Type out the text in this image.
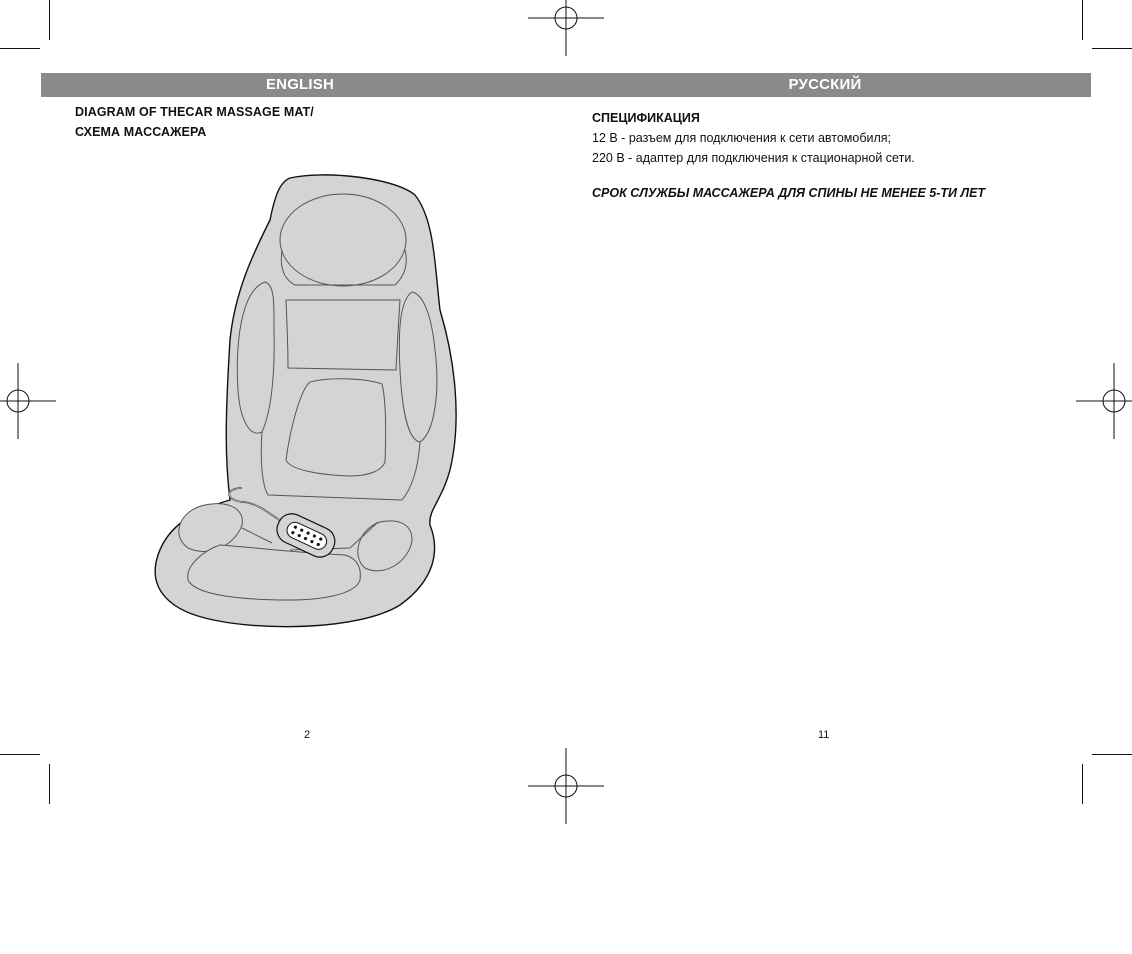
ENGLISH	РУССКИЙ
DIAGRAM OF THECAR MASSAGE MAT/
СХЕМА МАССАЖЕРА
СПЕЦИФИКАЦИЯ
12 В - разъем для подключения к сети автомобиля;
220 В - адаптер для подключения к стационарной сети.
СРОК СЛУЖБЫ МАССАЖЕРА ДЛЯ СПИНЫ НЕ МЕНЕЕ 5-ТИ ЛЕТ
2	11
